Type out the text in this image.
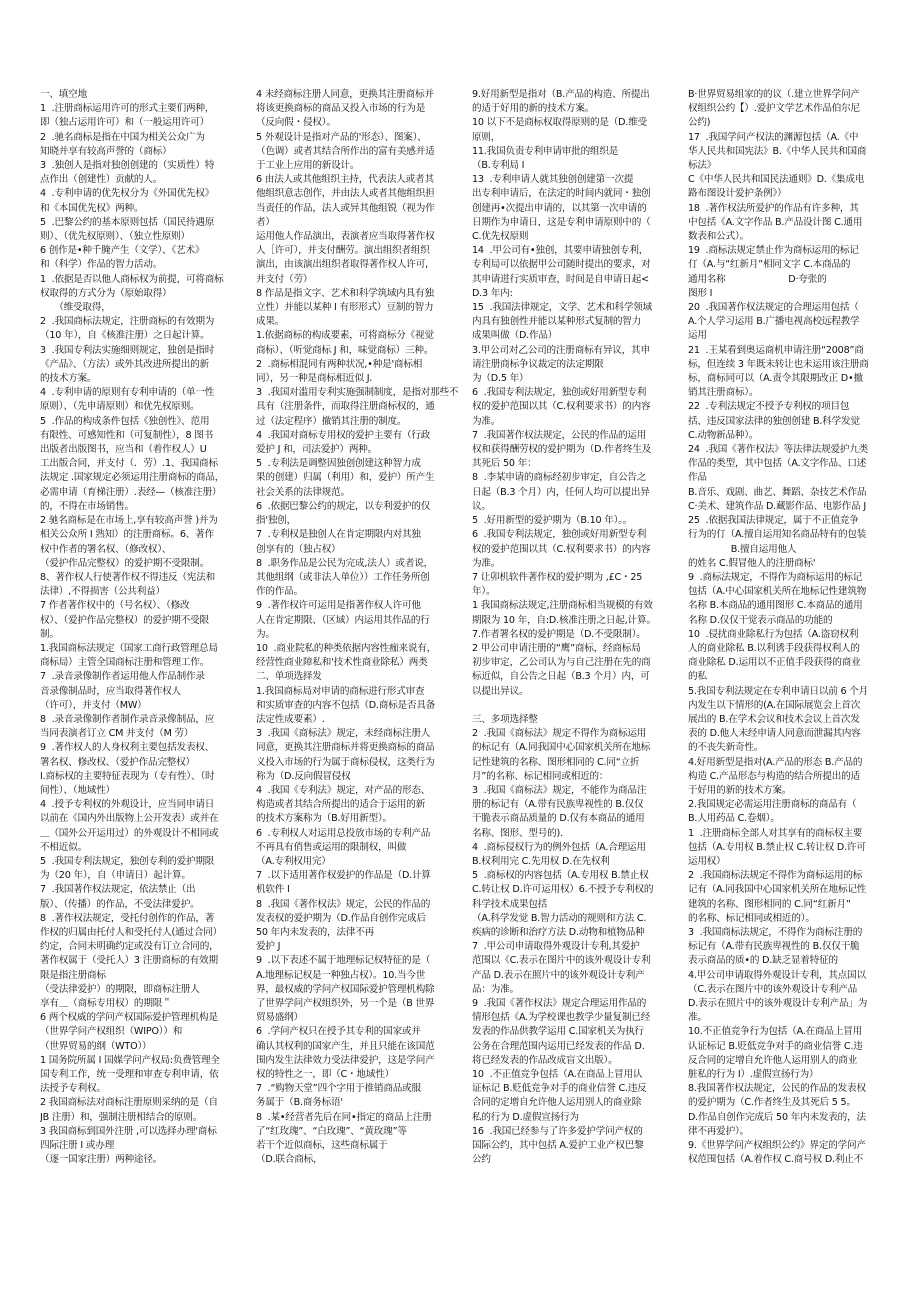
一、填空地
1  .注册商标运用许可的形式主要们两种，
即（独占运用许可）和（一般运用许可）
2  .驰名商标是指在中国为相关公众广为
知晓并享有较高声誉的（商标）
3  .独创人是指对独创创建的（实质性）特
点作出（创建性）贡献的人。
4  .专利申请的优先权分为《外国优先权》
和《本国优先权》两种。
5  .巴黎公约的基本原则包括（国民待遇原
则）、（优先权原则）、（独立性原则）
6 创作是•种千腌产生（文学）、《艺术》
和（科学）作品的智力活动。
1  .依据是否以他人商标权为前提，可将商标
权取得的方式分为（原始取得）
（维受取得，
2  .我国商标法规定，注册商标的有效期为
（10 年），自《核准注册）之日起计算。
3  .我国专利法实施细则规定，独创是指时
《产品》、（方法）或外其改进所提出的新
的技术方案。
4  .专利申请的原则有专利申请的（单一性
原则）、（先申请原则）和优先权原则。
5  .作品的构成条件包括《独创性》、范用
有限性、可感知性和（可复制性），8 图书
出版者出版图书，应当和（着作权人）U
工出版合同，并支付（．劳）.1、我国商标
法规定 .国家规定必须运用注册商标的商品，
必需申请（育梯注册）.表经—（核准注册）
的，不得在市场销售。
2 驰名商标是在市场上,享有较高声誉 )并为
相关公众所 I 熟知）的注册商标。6、著作
权中作者的署名权、（修改权）、
（爱护作品完整权）的爱护期不受限制。
8、著作权人行使著作权不得违反（宪法和
法律）,不得损害（公共利益）
7 作者著作权中的（号名权）、（修改
权）、（爱护作品完整权）的爱护期不受限
制。
1.我国商标法规定（国家工商行政管理总局
商标局）主管全国商标注册和管理工作。
7  .录音录像制作者运用他人作品制作录
音录像制品时，应当取得著作权人
（许可），并支付（MW）
8  .录音录像制作者制作录音录像制品，应
当同表演者订立 CM 并支付（M 劳）
9  .著作权人的人身权利主要包括发表权、
署名权、修改权、（爱护作品完整权）
I.商标权的主要特征表现为（专有性）、（时
间性）、（地域性）
4  .授予专利权的外观设计，应当同申请日
以前在《国内外出版物上公开发表）或并在
＿（国外公开运用过）的外观设计不相同或
不相近似。
5  .我国专利法规定，独创专利的爱护期限
为（20 年），自（申请日）起计算。
7  .我国著作权法规定，依法禁止（出
版）、（传播）的作品，不受法律爱护。
8  .著作权法规定，受托付创作的作品，著
作权的归属由托付人和受托付人(通过合同）
约定，合同未明确约定或没有订立合同的，
著作权属于（受托人）3 注册商标的有效期
限是指注册商标
（受法律爱护）的期限，即商标注册人
享有＿（商标专用权）的期限＂
6 两个权威的学问产权国际爱护管理机构是
（世界学问产权组织（WIPO））和
（世界贸易的纲（WTO））
1 国务院所属 I 国媒学问产权局:负费管理全
国专利工作，统一受理和审查专利申请，依
法授予专利权。
2 我国商标法对商标注册原则采纳的是（自
JB 注册）和，强制注册相结合的原则。
3 我国商标到国外注册 ,可以选择办理'商标
四际注册 I 或办理
（逐一国家注册）两种途径。
4 未经商标注册人同意，更换其注册商标并
将该更换商标的商品又投入市场的行为是
（反向假・侵权）。
5 外观设计是指对产品的'形态）、图案）、
（色调）或者其结合所作出的富有美感并适
于工业上应用的新设计。
6 由法人或其他组织主持，代表法人或者其
他组织意志创作，并由法人或者其他组织担
当责任的作品，法人或异其他组锐（视为作
者）
运用他人作品演出，表演者应当取得著作权
人［许可），并支付酬劳。演出组织者组织
演出，由该演出组织者取得著作权人许可,
并支付（劳）
8 作品是指文字、艺术和科学筑域内具有独
立性）并能以某种 I 有形形式）豆制的智力
成果。
1.依据商标的构成要素，可将商标分《视觉
商标）、（听觉商标 J 和，味觉商标）三种。
2  .商标相混同有两种状况,•种是'商标相
同），另一种是商标相近似 J.
3  .我国对滥用专利实施强制制度，是指对那些不
具有（注册条件，而取得注册商标权的，通
过（法定程序）撤销其注册的制度。
4  .我国对商标专用权的爱护主要有（行政
爱护 J 和，司法爱护）两种。
5  .专利法是调整因独创创建这种智力成
果的创建）归属（利用）和，爱护）所产生
社会关系的法律规范。
6  .依据巴黎公约的规定，以专利爱护的仅
指'独创，
7  .专利权是独创人在肯定期限内对其独
创享有的（独占权）
8  .职务作品是公民为完成,法人）或者说，
其他组纲（或非法人单位））工作任务所创
作的作品。
9  .著作权许可运用是指著作权人许可他
人在肯定期限、（区域）内运用其作品的行
为。
10  .商业院私的种类依据内容性痂来说有，
经营性商业障私和'技术性商业除私）两类
二、单项选择发
1.我国商标局对申请的商标进行形式审查
和实质审查的内容不包括（D.商标是否具备
法定性成要素）.
3  .我国《商标法》规定，未经商标注册人
同意，更换其注册商标并将更换商标的商品
义投入市场的行为属于商标侵权，这类行为
称为（D.反向假冒侵权
4  .我国《专利法》规定，对产品的形态、
构造或者其结合所提出的适合于运用的新
的技术方案称为（B.好用新型）。
6  .专利权人对运用总投放市场的专利产品
不再具有俏售或运用的限制权，叫做
（A.专利权用完）
7  .以下适用著作权爱护的作品是（D.计算
机软件 I
8  .我国《著作权法》规定，公民的作品的
发表权的爱护期为（D.作品自创作完成后
50 年内未发表的，法律不再
爱护 J
9  .以下表述不属于地理标记权特征的是（
A.地理标记权是一种独占权）。10.当今世
界，最权威的学问产权国际爱护管理机构除
了世界学问产权组织外，另一个是（B 世界
贸易盛纲）
6  .学问产权只在授予其专利的国家或并
确认其权利的国家产生，并且只能在该国范
围内发生法律效力受法律爱护，这是学问产
权的特性之一，即（C・地域性）
7  .“购物天堂”四个字用于推销商品或服
务属于（B.商务标语'
8  .某•经营者先后在同•指定的商品上注册
了“红玫瑰”、“白玫瑰”、“黄玫瑰”等
若干个近似商标，这些商标属于
（D.联合商标，
9.好用新型是指对（B.产品的构造、所提出
的适于好用的新的技术方案。
10 以下不是商标权取得原则的是（D.维受
原则，
11.我国负责专利申请审批的组织是
（B.专利局 I
13  .专利申请人就其独创创建第一次提
出专利申请后，在法定的时间内就同・独创
创建再•次提出申请的，以其第一次申请的
日期作为申请日，这是专利申请原则中的（
C.优先权原则
14  .甲公司有•独创，其要申请独创专利，
专利局可以依据甲公司随时提出的要求，对
其申请进行实质审查，时间是自申请日起<
D.3 年内:
15  .我国法律规定，文学、艺术和科学领域
内具有独创性并能以某种形式复制的智力
成果叫做（D.作品）
3.甲公司对乙公司的注册商标有异议，其申
请注册商标争议裁定的法定期限
为（D.5 年）
6  .我国专利法规定，独创或好用新型专利
权的爱护范围以其（C.权利要求书）的内容
为准。
7  .我国著作权法规定，公民的作品的运用
权和获得酬劳权的爱护期为（D.作者终生及
其死后 50 年：
8  .李某申请的商标经初步审定，自公告之
日起（B.3 个月）内，任何人均可以提出异
议。
5  .好用新型的爱护期为（B.10 年）。。
6  .我国专利法规定，独创或好用新型专利
权的爱护范围以其（C.权利要求书）的内容
为准。
7 让卯机软件著作权的爱护期为 ,£C・25
年）。
1 我国商标法规定,注册商标相当规模的有效
期限为 10 年，自:D.核准注册之日起,计算。
7.作者署名权的爱护期是（D.不受限制）。
2 甲公司申请注册的“鹰”商标，经商标局
初步审定，乙公司认为与自己注册在先的商
标近似，自公告之日起（B.3 个月）内，可
以提出异议。

三、多项选择整
2  .我国《商标法》规定不得作为商标运用
的标记有（A.同我国中心国家机关所在地标
记性建筑的名称、图形相同的 C.同“立折
月”的名称、标记相同或相近的：
3  .我国《商标法》规定，不能作为商品注
册的标记有（A.带有民族卑视性的 B.仅仅
干脆表示商品质量的 D.仅有本商品的通用
名称、图形、型号的)．
4  .商标侵权行为的例外包括（A.合理运用
B.权利用完 C.先用权 D.在先权利
5  .商标权的内容包括（A.专用权 B.禁止权
C.转让权 D.许可运用权）6.不授予专利权的
科学技术成果包括
（A.科学发觉 B.智力活动的规则和方法 C.
疾病的诊断和治疗方法 D.动物和植物品种
7  .甲公司申请取得外观设计专利,其爱护
范围以《C.表示在图片中的该外观设计专利
产品 D.表示在照片中的该外观设计专利产
品：为准。
9  .我国《著作权法》规定合理运用作品的
情形包括《A.为学校课也教学少量复制已经
发表的作品供教学运用 C.国家机关为执行
公务在合理范围内运用已经发表的作品 D.
将已经发表的作品改成盲文出版）。
10  .不正值竞争包括（A.在商品上冒用认
证标记 B.贬低竞争对手的商业信誉 C.违反
合同的定增自允许他人运用别人的商业除
私的行为 D.虚假宣扬行为
16  .我国已经参与了许多爱护学问产权的
国际公约，其中包括 A.爱护工业产权巴黎
公约
B·世界贸易组家的的议（.建立世界学问产
权组织公约【）.爱护文学艺术作品伯尔尼
公约)
17  .我国学问产权法的渊源包括（A.《中
华人民共和国宪法》B.《中华人民共和国商
标法》
C《中华人民共和国民法通则》D.《集成电
路布图设计爱护条例》）
18  .著作权法所爱护的作品有许多种，其
中包括《A.文字作品 B.产品设计图 C.通用
数表和公式）。
19  .商标法规定禁止作为商标运用的标记
仃（A.与“红新月”相同文字 C.本商品的
通用名称                      D·夸张的
图形 I
20  .我国著作权法规定的合理运用包括（
A.个人学习运用 B.广播电视高校远程教学
运用
21  .王某看到奥运商机申请注册“2008”商
标，但连续 3 年既未转让也未运用该注册商
标，商标同可以（A.责令其限期改正 D•撤
销其注册商标）。
22  .专利法规定不授予专利权的项目包
括、违反国家法律的独创创建 B.科学发觉
C.动物新品种）。
24  .我国《著作权法》等法律法规爱护九类
作品的类型，其中包括（A.文字作品、口述
作品
B.音乐、戏剧、曲艺、舞蹈、杂技艺术作品
C·美术、建筑作品 D.藏影作品、电影作品 J
25  .依据我国法律规定，属于不正值竞争
行为的仃（A.擅自运用知名商品特有的包装
B.擅自运用他人
的姓名 C.假冒他人的注册商标'
9  .商标法规定，不得作为商标运用的标记
包括（A.中心国家机关所在地标记性建筑物
名称 B.本商品的通用图形 C.本商品的通用
名称 D.仅仅干觉表示商品的功能的
10  .侵扰商业除私行为包括（A.盗窃权利
人的商业除私 B.以利诱手段获得权利人的
商业除私 D.运用以不正值手段获得的商业
的私
5.我国专利法规定在专利申请日以前 6 个月
内发生以下情形的(A.在国际展览会上首次
展出的 B.在学术会议和技术会议上首次发
表的 D.他人未经申请人同意而泄漏其内容
的不丧失新奇性。
4.好用新型是指对(A.产品的形态 B.产品的
构造 C.产品形态与构造的结合所提出的适
于好用的新的技术方案。
2.我国规定必需运用注册商标的商品有（
B.人用药品 C.卷烟）。
1  .注册商标全部人对其享有的商标权主要
包括（A.专用权 B.禁止权 C.转让权 D.许可
运用权）
2  .我国商标法规定不得作为商标运用的标
记有（A.同我国中心国家机关所在地标记性
建筑的名称、图形相同的 C.同“红新月”
的名称、标记相同或相近的）。
3  .我国商标法规定，不得作为商标注册的
标记有（A.带有民族卑视性的 B.仅仅干脆
表示商品的质•的 D.缺乏显着特征的
4.甲公司申请取得外观设计专利，其点国以
（C.表示在图片中的该外观设计专利产品
D.表示在照片中的该外观设计专利产品」为
准。
10.不正值竞争行为包括（A.在商品上冒用
认证标记 B.贬低竞争对手的商业信誉 C.违
反合同的定增自允许他人运用别人的商业
脏私的行为 I）.虚假宣扬行为）
8.我国著作权法规定，公民的作品的发表权
的爱护期为（C.作者终生及其死后 5 5。
D.作品自创作完成后 50 年内未发表的，法
律不再爱护）。
9.《世界学问产权组织公约》界定的学问产
权范围包括（A.着作权 C.商号权 D.利止不
